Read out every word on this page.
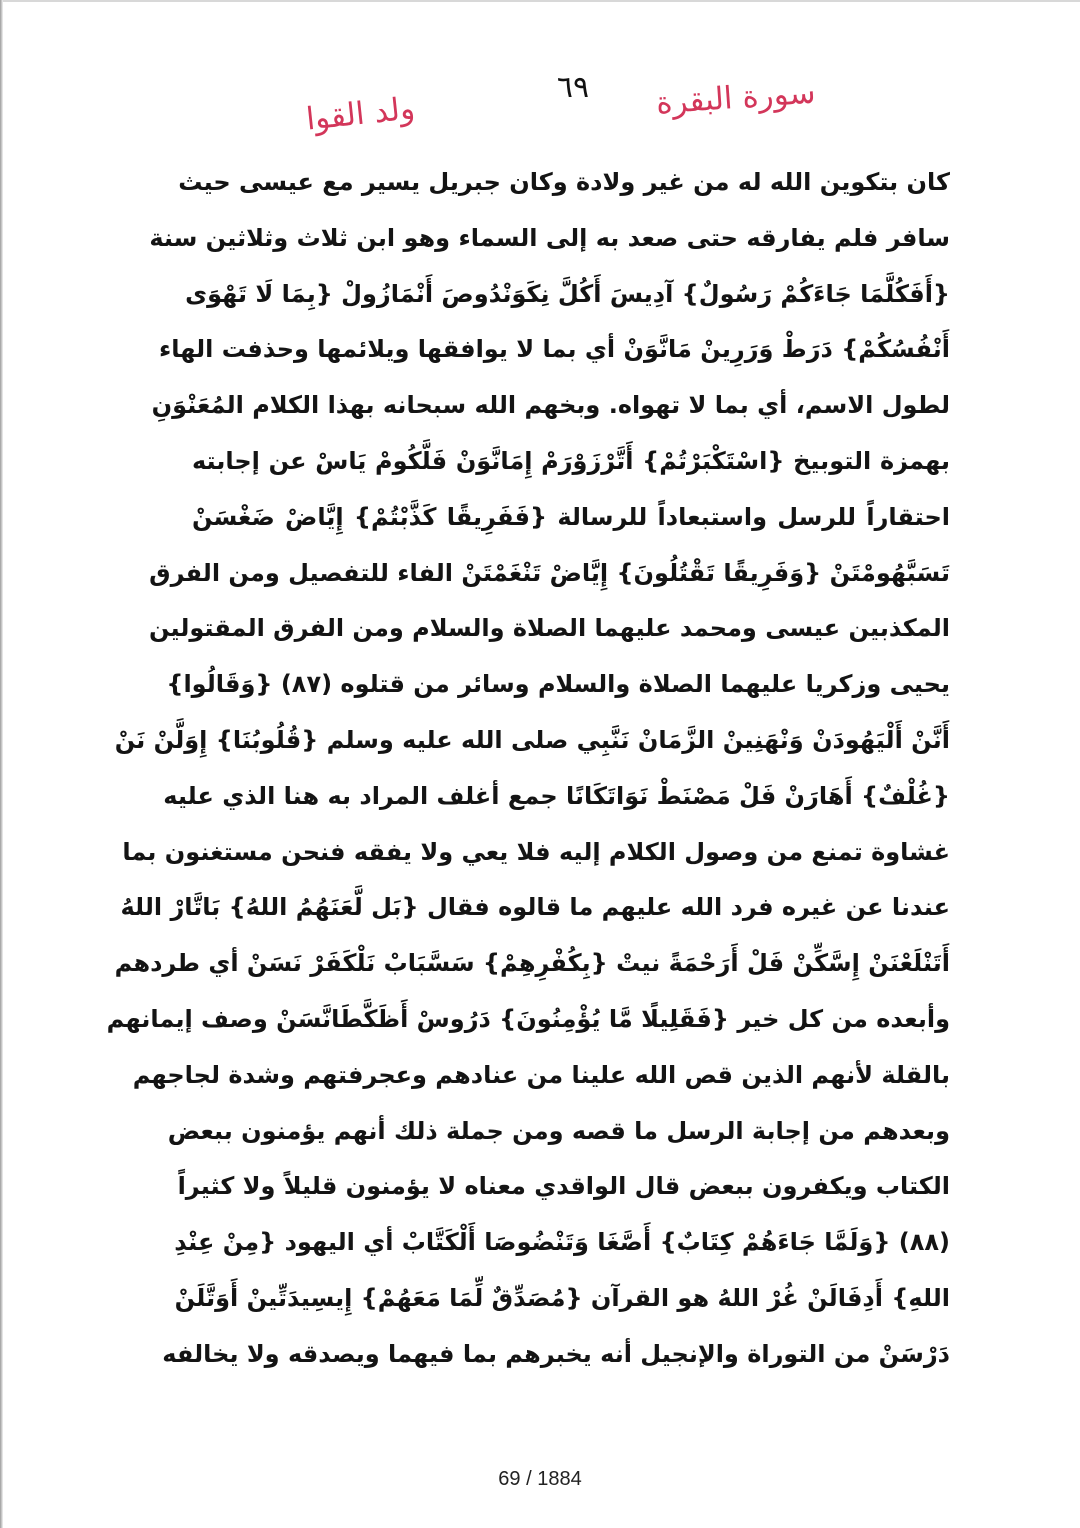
سورة البقرة
٦٩
ولد القوا
كان بتكوين الله له من غير ولادة وكان جبريل يسير مع عيسى حيث
سافر فلم يفارقه حتى صعد به إلى السماء وهو ابن ثلاث وثلاثين سنة
{أَفَكُلَّمَا جَاءَكُمْ رَسُولٌ} آدِيسَ أَكُلَّ نِكَوَنْدُوصَ أَنْمَازُولْ {بِمَا لَا تَهْوَى
أَنْفُسُكُمْ} دَرَطْ وَرَرِينْ مَانَّوَنْ أي بما لا يوافقها ويلائمها وحذفت الهاء
لطول الاسم، أي بما لا تهواه. وبخهم الله سبحانه بهذا الكلام المُعَنْوَنِ
بهمزة التوبيخ {اسْتَكْبَرْتُمْ} أَتَّرْزَوْرَمْ إِمَانَّوَنْ فَلَّكُومْ يَاسْ عن إجابته
احتقاراً للرسل واستبعاداً للرسالة {فَفَرِيقًا كَذَّبْتُمْ} إِيَّاضْ ضَغْسَنْ
تَسَبَّهُومْتَنْ {وَفَرِيقًا تَقْتُلُونَ} إِيَّاضْ تَنْغَمْتَنْ الفاء للتفصيل ومن الفرق
المكذبين عيسى ومحمد عليهما الصلاة والسلام ومن الفرق المقتولين
يحيى وزكريا عليهما الصلاة والسلام وسائر من قتلوه (٨٧) {وَقَالُوا}
أَنَّنْ أَلْيَهُودَنْ وَنْهَنِينْ الزَّمَانْ نَنَّبِي صلى الله عليه وسلم {قُلُوبُنَا} إِوَلَّنْ نَنْ
{غُلْفٌ} أَهَارَنْ فَلْ مَصْنَطْ نَوَاتَكَانًا جمع أغلف المراد به هنا الذي عليه
غشاوة تمنع من وصول الكلام إليه فلا يعي ولا يفقه فنحن مستغنون بما
عندنا عن غيره فرد الله عليهم ما قالوه فقال {بَل لَّعَنَهُمُ اللهُ} بَاتَّارْ اللهُ
أَتَنْلَعْنَنْ إِسَّكِّنْ فَلْ أَرَحْمَةً نيتْ {بِكُفْرِهِمْ} سَسَّبَابْ نَلْكَفَرْ نَسَنْ أي طردهم
وأبعده من كل خير {فَقَلِيلًا مَّا يُؤْمِنُونَ} دَرُوسْ أَظَكَّطَانَّسَنْ وصف إيمانهم
بالقلة لأنهم الذين قص الله علينا من عنادهم وعجرفتهم وشدة لجاجهم
وبعدهم من إجابة الرسل ما قصه ومن جملة ذلك أنهم يؤمنون ببعض
الكتاب ويكفرون ببعض قال الواقدي معناه لا يؤمنون قليلاً ولا كثيراً
(٨٨) {وَلَمَّا جَاءَهُمْ كِتَابٌ} أَصَّغَا وَتَنْضُوصَا أَلْكَتَّابْ أي اليهود {مِنْ عِنْدِ
اللهِ} أَدِفَالَنْ غُرْ اللهُ هو القرآن {مُصَدِّقٌ لِّمَا مَعَهُمْ} إِيسِيدَتِّينْ أَوَتَّلَنْ
دَرْسَنْ من التوراة والإنجيل أنه يخبرهم بما فيهما ويصدقه ولا يخالفه
69 / 1884
